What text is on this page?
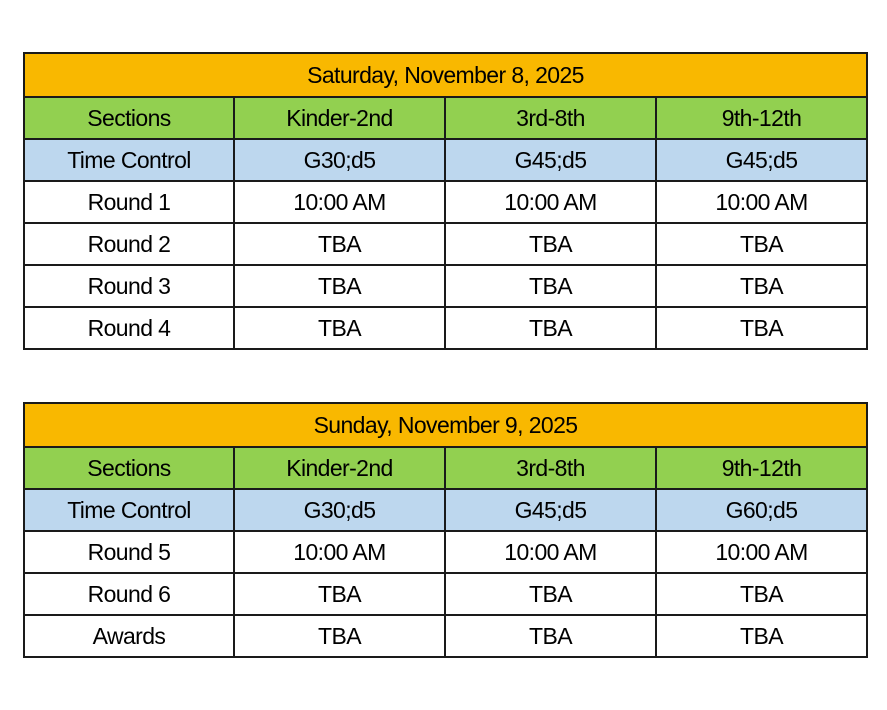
Saturday, November 8, 2025			
Sections	Kinder-2nd	3rd-8th	9th-12th
Time Control	G30;d5	G45;d5	G45;d5
Round 1	10:00 AM	10:00 AM	10:00 AM
Round 2	TBA	TBA	TBA
Round 3	TBA	TBA	TBA
Round 4	TBA	TBA	TBA
Sunday, November 9, 2025			
Sections	Kinder-2nd	3rd-8th	9th-12th
Time Control	G30;d5	G45;d5	G60;d5
Round 5	10:00 AM	10:00 AM	10:00 AM
Round 6	TBA	TBA	TBA
Awards	TBA	TBA	TBA
